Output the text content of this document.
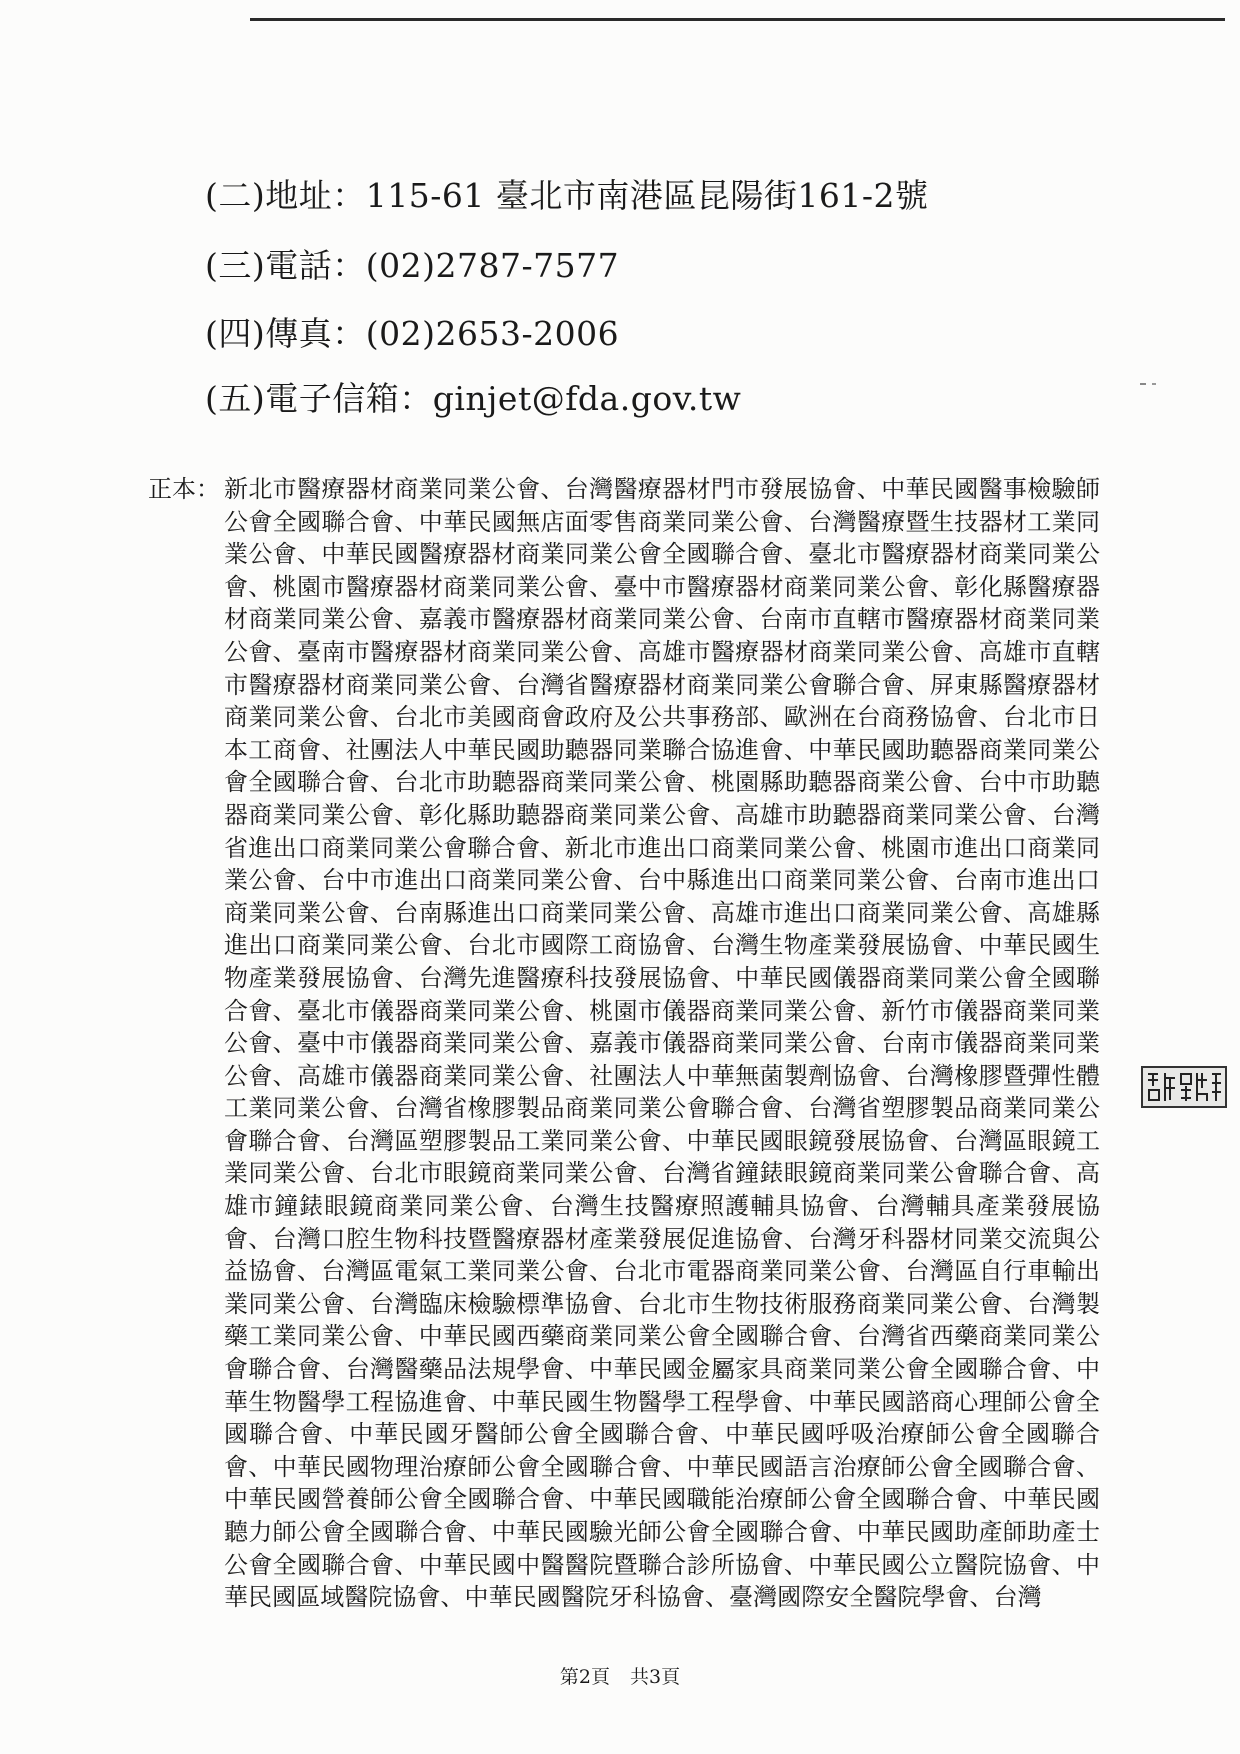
(二)地址：115-61 臺北市南港區昆陽街161-2號
(三)電話：(02)2787-7577
(四)傳真：(02)2653-2006
(五)電子信箱：ginjet@fda.gov.tw
正本： 新北市醫療器材商業同業公會、台灣醫療器材門市發展協會、中華民國醫事檢驗師公會全國聯合會、中華民國無店面零售商業同業公會、台灣醫療暨生技器材工業同業公會、中華民國醫療器材商業同業公會全國聯合會、臺北市醫療器材商業同業公會、桃園市醫療器材商業同業公會、臺中市醫療器材商業同業公會、彰化縣醫療器材商業同業公會、嘉義市醫療器材商業同業公會、台南市直轄市醫療器材商業同業公會、臺南市醫療器材商業同業公會、高雄市醫療器材商業同業公會、高雄市直轄市醫療器材商業同業公會、台灣省醫療器材商業同業公會聯合會、屏東縣醫療器材商業同業公會、台北市美國商會政府及公共事務部、歐洲在台商務協會、台北市日本工商會、社團法人中華民國助聽器同業聯合協進會、中華民國助聽器商業同業公會全國聯合會、台北市助聽器商業同業公會、桃園縣助聽器商業公會、台中市助聽器商業同業公會、彰化縣助聽器商業同業公會、高雄市助聽器商業同業公會、台灣省進出口商業同業公會聯合會、新北市進出口商業同業公會、桃園市進出口商業同業公會、台中市進出口商業同業公會、台中縣進出口商業同業公會、台南市進出口商業同業公會、台南縣進出口商業同業公會、高雄市進出口商業同業公會、高雄縣進出口商業同業公會、台北市國際工商協會、台灣生物產業發展協會、中華民國生物產業發展協會、台灣先進醫療科技發展協會、中華民國儀器商業同業公會全國聯合會、臺北市儀器商業同業公會、桃園市儀器商業同業公會、新竹市儀器商業同業公會、臺中市儀器商業同業公會、嘉義市儀器商業同業公會、台南市儀器商業同業公會、高雄市儀器商業同業公會、社團法人中華無菌製劑協會、台灣橡膠暨彈性體工業同業公會、台灣省橡膠製品商業同業公會聯合會、台灣省塑膠製品商業同業公會聯合會、台灣區塑膠製品工業同業公會、中華民國眼鏡發展協會、台灣區眼鏡工業同業公會、台北市眼鏡商業同業公會、台灣省鐘錶眼鏡商業同業公會聯合會、高雄市鐘錶眼鏡商業同業公會、台灣生技醫療照護輔具協會、台灣輔具產業發展協會、台灣口腔生物科技暨醫療器材產業發展促進協會、台灣牙科器材同業交流與公益協會、台灣區電氣工業同業公會、台北市電器商業同業公會、台灣區自行車輸出業同業公會、台灣臨床檢驗標準協會、台北市生物技術服務商業同業公會、台灣製藥工業同業公會、中華民國西藥商業同業公會全國聯合會、台灣省西藥商業同業公會聯合會、台灣醫藥品法規學會、中華民國金屬家具商業同業公會全國聯合會、中華生物醫學工程協進會、中華民國生物醫學工程學會、中華民國諮商心理師公會全國聯合會、中華民國牙醫師公會全國聯合會、中華民國呼吸治療師公會全國聯合會、中華民國物理治療師公會全國聯合會、中華民國語言治療師公會全國聯合會、中華民國營養師公會全國聯合會、中華民國職能治療師公會全國聯合會、中華民國聽力師公會全國聯合會、中華民國驗光師公會全國聯合會、中華民國助產師助產士公會全國聯合會、中華民國中醫醫院暨聯合診所協會、中華民國公立醫院協會、中華民國區域醫院協會、中華民國醫院牙科協會、臺灣國際安全醫院學會、台灣
第2頁 共3頁
